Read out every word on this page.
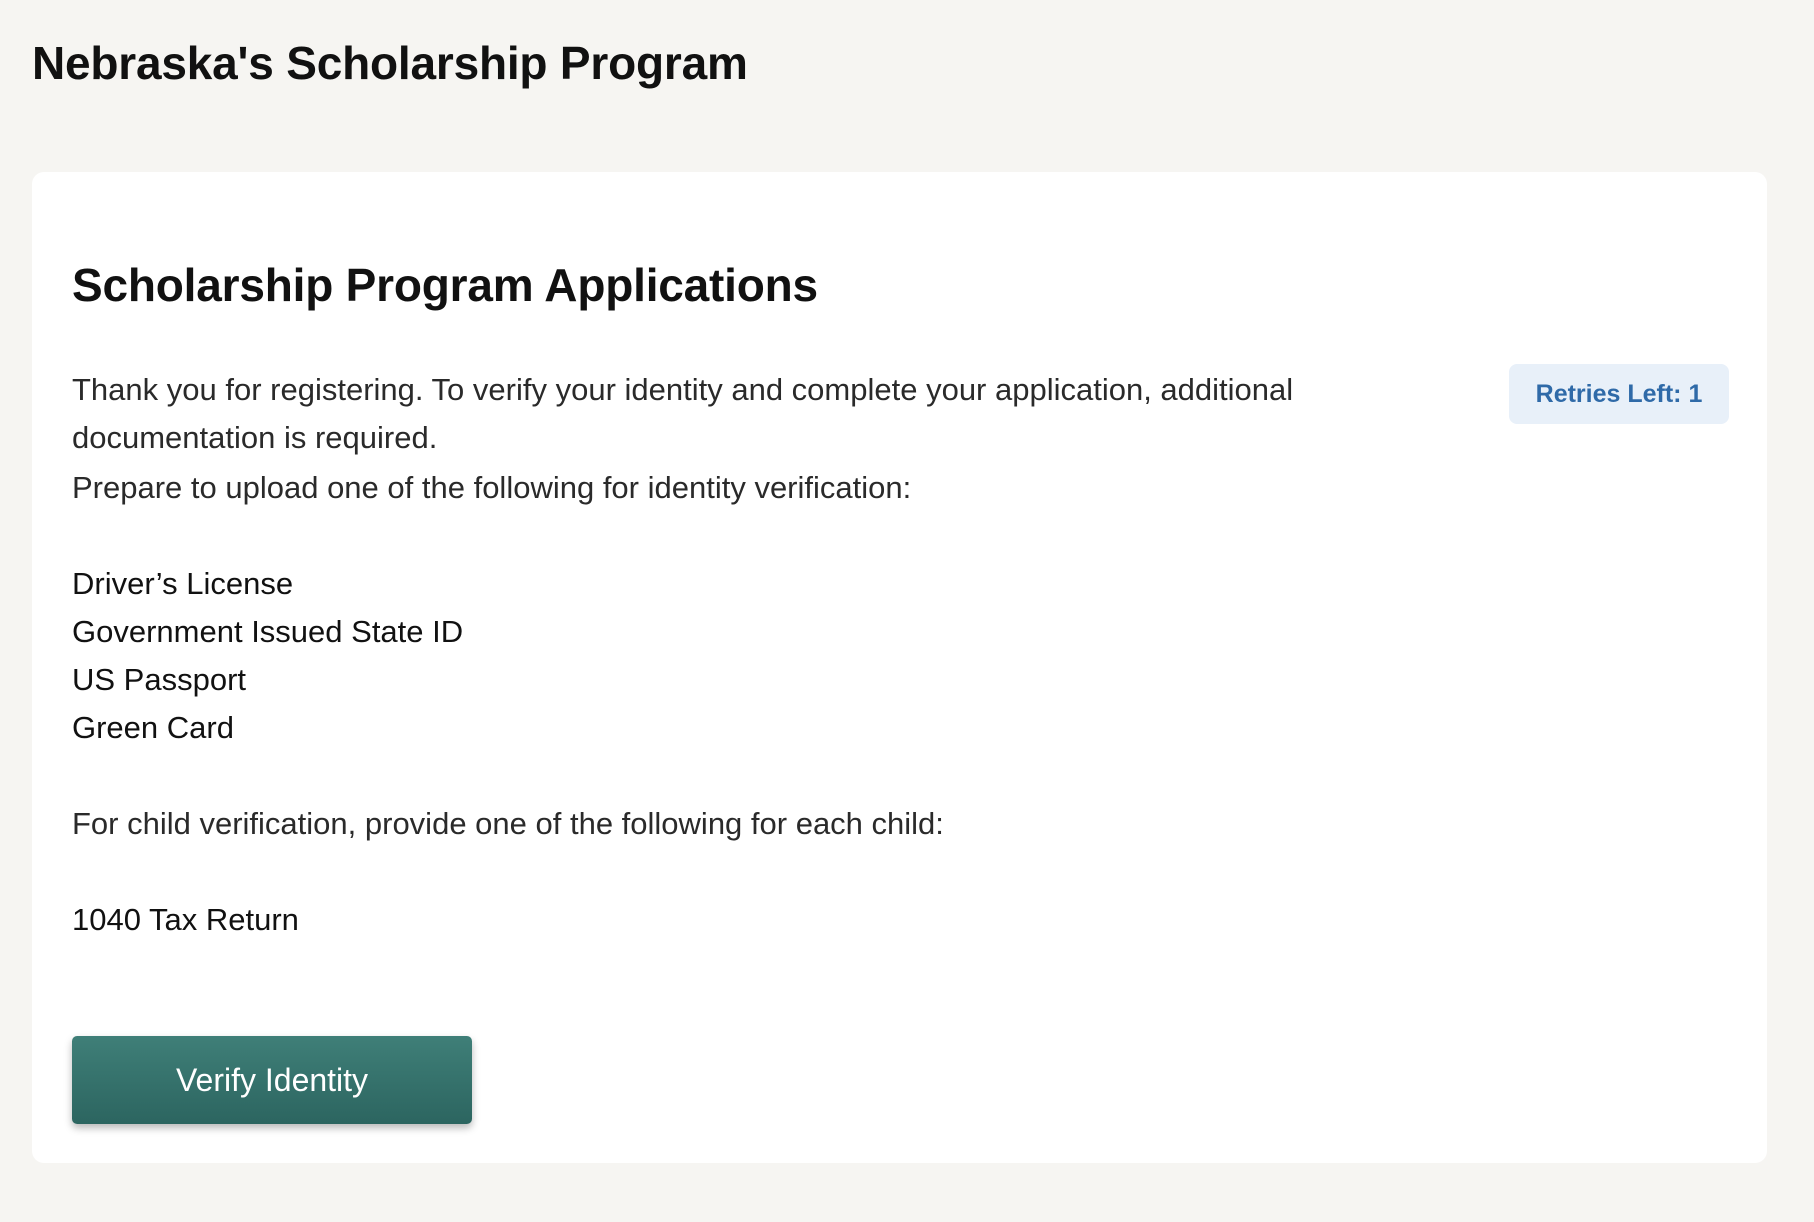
Nebraska's Scholarship Program
Scholarship Program Applications

Thank you for registering. To verify your identity and complete your application, additional documentation is required.

Retries Left: 1

Prepare to upload one of the following for identity verification:

Driver’s License
Government Issued State ID
US Passport
Green Card

For child verification, provide one of the following for each child:

1040 Tax Return
Verify Identity
